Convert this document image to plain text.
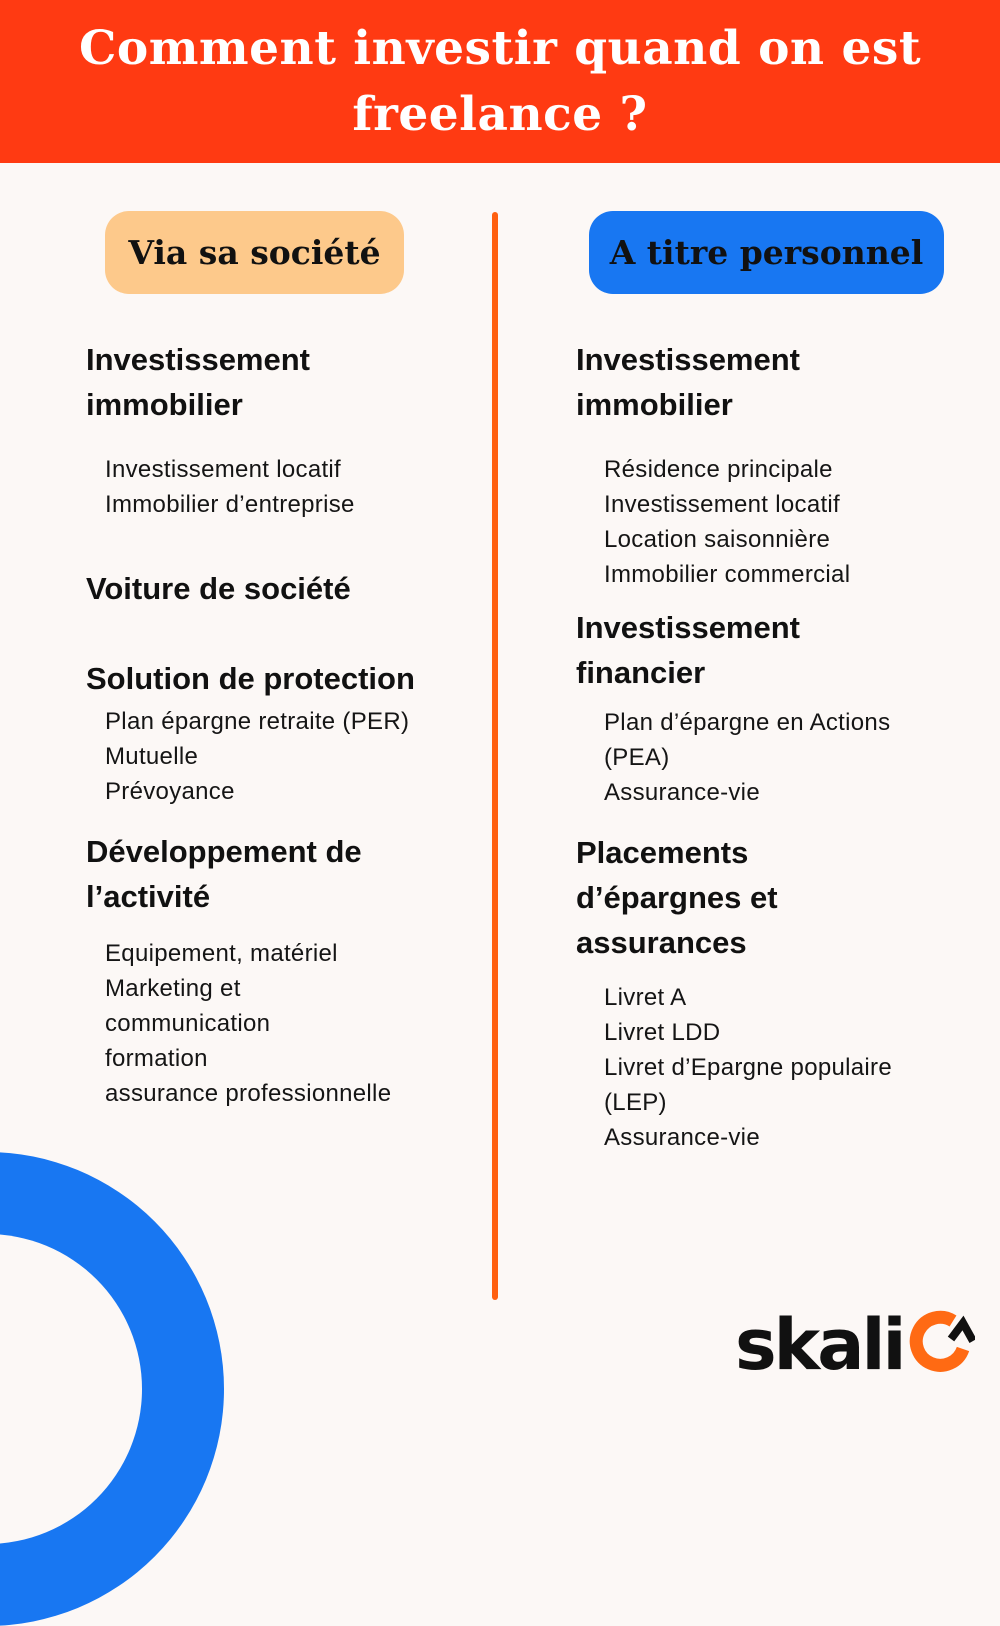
Comment investir quand on est freelance ?
Via sa société	A titre personnel
Investissement immobilier
Investissement locatif
Immobilier d’entreprise
Voiture de société
Solution de protection
Plan épargne retraite (PER)
Mutuelle
Prévoyance
Développement de l’activité
Equipement, matériel
Marketing et communication
formation
assurance professionnelle
Investissement immobilier
Résidence principale
Investissement locatif
Location saisonnière
Immobilier commercial
Investissement financier
Plan d’épargne en Actions (PEA)
Assurance-vie
Placements d’épargnes et assurances
Livret A
Livret LDD
Livret d’Epargne populaire (LEP)
Assurance-vie
skali
